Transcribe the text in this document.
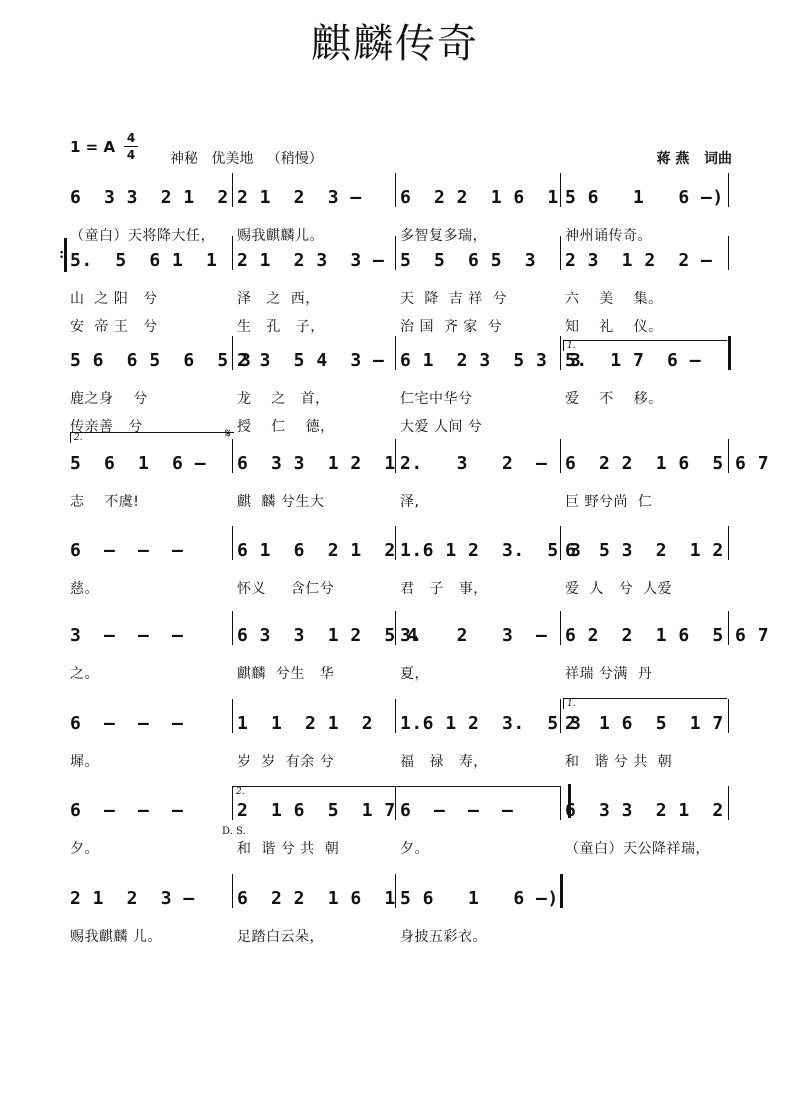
麒麟传奇
1 = A 4
4 神秘   优美地   （稍慢）	蒋 燕   词曲
6  3 3  2 1  2 2 1  2  3 – 6  2 2  1 6  1 5 6   1   6 –)
（童白）天将降大任， 赐我麒麟儿。	多智复多瑞，	神州诵传奇。
5.  5  6 1  1 2 1  2 3  3 – 5  5  6 5  3 2 3  1 2  2 –
山  之 阳   兮	泽   之  西，	天  降  吉 祥  兮	六    美    集。
安  帝 王   兮	生   孔   子，	治 国  齐 家  兮	知    礼    仪。
5 6  6 5  6  5 3
2 3  5 4  3 – 6 1  2 3  5 3  3
5.  1 7  6 –
鹿之身    兮	龙    之   首，	仁宅中华兮	爱    不    移。
传亲善   兮	授    仁    德，	大爱 人间 兮
5  6  1  6 – 6  3 3  1 2  1 2.   3   2  – 6  2 2  1 6  5 6 7
志    不虞!	麒  麟 兮生大	泽,	巨 野兮尚  仁
6  –  –  –	6 1  6  2 1  2 1.6 1 2  3.  5 3
6  5 3  2  1 2
慈。	怀义     含仁兮	君   子   事，	爱  人   兮  人爱
3  –  –  –	6 3  3  1 2  5 4
3.   2   3  – 6 2  2  1 6  5 6 7
之。	麒麟  兮生   华	夏，	祥瑞 兮满  丹
6  –  –  –	1  1  2 1  2 1.6 1 2  3.  5 3
2  1 6  5  1 7
墀。	岁  岁  有余 兮	福   禄   寿，	和   谐 兮 共  朝
6  –  –  –	2  1 6  5  1 7 6  –  –  –	6  3 3  2 1  2
夕。	和  谐 兮 共  朝	夕。	（童白）天公降祥瑞，
2 1  2  3 – 6  2 2  1 6  1 5 6   1   6 –)
赐我麒麟 儿。	足踏白云朵，	身披五彩衣。
:
1.
2.
1.
2.
𝄋
D. S.
